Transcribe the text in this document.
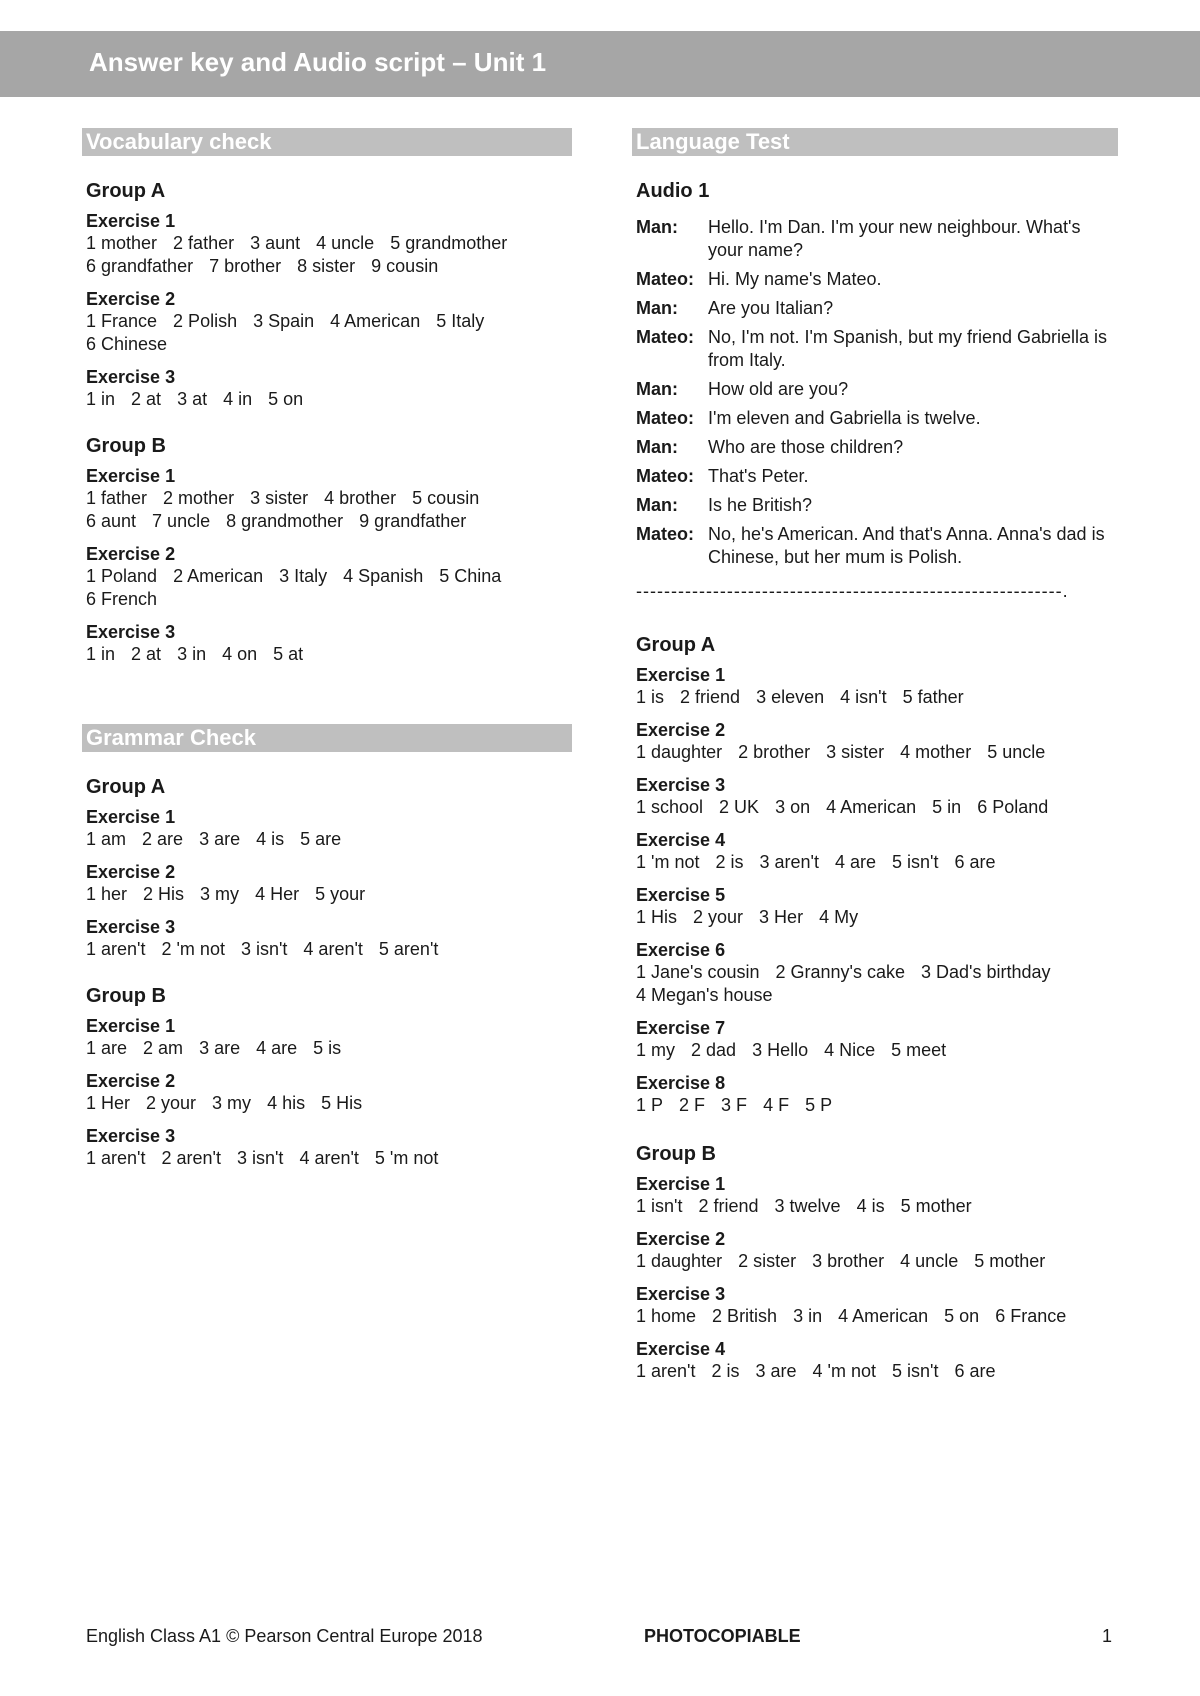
Answer key and Audio script – Unit 1
Vocabulary check
Group A
Exercise 1
1 mother 2 father 3 aunt 4 uncle 5 grandmother
6 grandfather 7 brother 8 sister 9 cousin
Exercise 2
1 France 2 Polish 3 Spain 4 American 5 Italy
6 Chinese
Exercise 3
1 in 2 at 3 at 4 in 5 on
Group B
Exercise 1
1 father 2 mother 3 sister 4 brother 5 cousin
6 aunt 7 uncle 8 grandmother 9 grandfather
Exercise 2
1 Poland 2 American 3 Italy 4 Spanish 5 China
6 French
Exercise 3
1 in 2 at 3 in 4 on 5 at
Grammar Check
Group A
Exercise 1
1 am 2 are 3 are 4 is 5 are
Exercise 2
1 her 2 His 3 my 4 Her 5 your
Exercise 3
1 aren't 2 'm not 3 isn't 4 aren't 5 aren't
Group B
Exercise 1
1 are 2 am 3 are 4 are 5 is
Exercise 2
1 Her 2 your 3 my 4 his 5 His
Exercise 3
1 aren't 2 aren't 3 isn't 4 aren't 5 'm not
Language Test
Audio 1
Man:	Hello. I'm Dan. I'm your new neighbour. What's your name?
Mateo: Hi. My name's Mateo.
Man:	Are you Italian?
Mateo: No, I'm not. I'm Spanish, but my friend Gabriella is from Italy.
Man:	How old are you?
Mateo: I'm eleven and Gabriella is twelve.
Man:	Who are those children?
Mateo: That's Peter.
Man:	Is he British?
Mateo: No, he's American. And that's Anna. Anna's dad is Chinese, but her mum is Polish.
-------------------------------------------------------------.
Group A
Exercise 1
1 is 2 friend 3 eleven 4 isn't 5 father
Exercise 2
1 daughter 2 brother 3 sister 4 mother 5 uncle
Exercise 3
1 school 2 UK 3 on 4 American 5 in 6 Poland
Exercise 4
1 'm not 2 is 3 aren't 4 are 5 isn't 6 are
Exercise 5
1 His 2 your 3 Her 4 My
Exercise 6
1 Jane's cousin 2 Granny's cake 3 Dad's birthday
4 Megan's house
Exercise 7
1 my 2 dad 3 Hello 4 Nice 5 meet
Exercise 8
1 P 2 F 3 F 4 F 5 P
Group B
Exercise 1
1 isn't 2 friend 3 twelve 4 is 5 mother
Exercise 2
1 daughter 2 sister 3 brother 4 uncle 5 mother
Exercise 3
1 home 2 British 3 in 4 American 5 on 6 France
Exercise 4
1 aren't 2 is 3 are 4 'm not 5 isn't 6 are
English Class A1 © Pearson Central Europe 2018	PHOTOCOPIABLE	1
